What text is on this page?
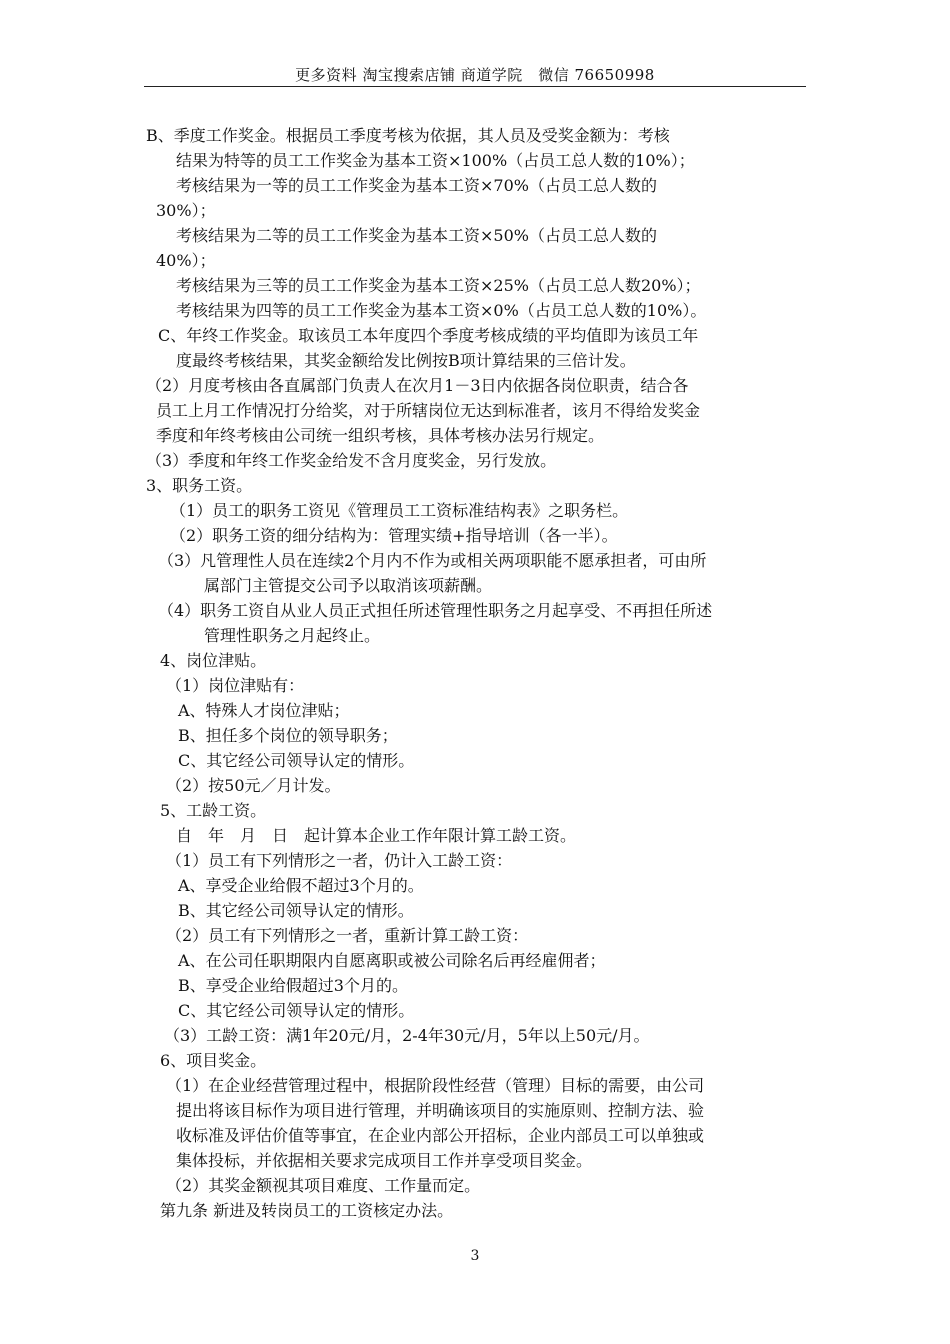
更多资料 淘宝搜索店铺 商道学院　微信 76650998
B、季度工作奖金。根据员工季度考核为依据，其人员及受奖金额为：考核
结果为特等的员工工作奖金为基本工资×100%（占员工总人数的10%）；
考核结果为一等的员工工作奖金为基本工资×70%（占员工总人数的
30%）；
考核结果为二等的员工工作奖金为基本工资×50%（占员工总人数的
40%）；
考核结果为三等的员工工作奖金为基本工资×25%（占员工总人数20%）；
考核结果为四等的员工工作奖金为基本工资×0%（占员工总人数的10%）。
C、年终工作奖金。取该员工本年度四个季度考核成绩的平均值即为该员工年
度最终考核结果，其奖金额给发比例按B项计算结果的三倍计发。
（2）月度考核由各直属部门负责人在次月1－3日内依据各岗位职责，结合各
员工上月工作情况打分给奖，对于所辖岗位无达到标准者，该月不得给发奖金
季度和年终考核由公司统一组织考核，具体考核办法另行规定。
（3）季度和年终工作奖金给发不含月度奖金，另行发放。
3、职务工资。
（1）员工的职务工资见《管理员工工资标准结构表》之职务栏。
（2）职务工资的细分结构为：管理实绩+指导培训（各一半）。
（3）凡管理性人员在连续2个月内不作为或相关两项职能不愿承担者，可由所
属部门主管提交公司予以取消该项薪酬。
（4）职务工资自从业人员正式担任所述管理性职务之月起享受、不再担任所述
管理性职务之月起终止。
4、岗位津贴。
（1）岗位津贴有：
A、特殊人才岗位津贴；
B、担任多个岗位的领导职务；
C、其它经公司领导认定的情形。
（2）按50元／月计发。
5、工龄工资。
自　年　月　日　起计算本企业工作年限计算工龄工资。
（1）员工有下列情形之一者，仍计入工龄工资：
A、享受企业给假不超过3个月的。
B、其它经公司领导认定的情形。
（2）员工有下列情形之一者，重新计算工龄工资：
A、在公司任职期限内自愿离职或被公司除名后再经雇佣者；
B、享受企业给假超过3个月的。
C、其它经公司领导认定的情形。
（3）工龄工资：满1年20元/月，2-4年30元/月，5年以上50元/月。
6、项目奖金。
（1）在企业经营管理过程中，根据阶段性经营（管理）目标的需要，由公司
提出将该目标作为项目进行管理，并明确该项目的实施原则、控制方法、验
收标准及评估价值等事宜，在企业内部公开招标，企业内部员工可以单独或
集体投标，并依据相关要求完成项目工作并享受项目奖金。
（2）其奖金额视其项目难度、工作量而定。
第九条 新进及转岗员工的工资核定办法。
3
